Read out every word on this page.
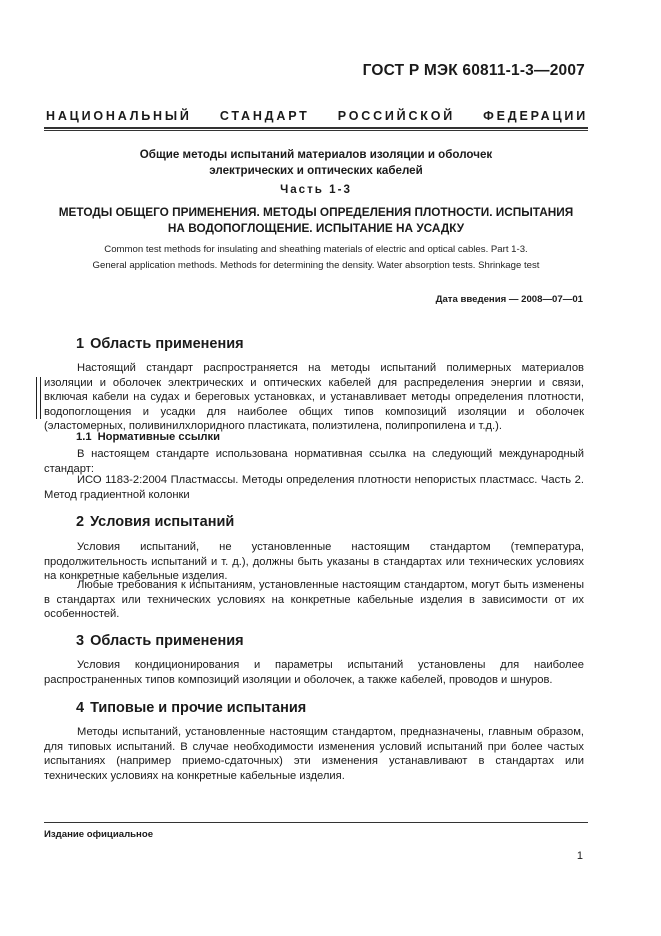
ГОСТ Р МЭК 60811-1-3—2007
НАЦИОНАЛЬНЫЙ СТАНДАРТ РОССИЙСКОЙ ФЕДЕРАЦИИ
Общие методы испытаний материалов изоляции и оболочек
электрических и оптических кабелей
Часть 1-3
МЕТОДЫ ОБЩЕГО ПРИМЕНЕНИЯ. МЕТОДЫ ОПРЕДЕЛЕНИЯ ПЛОТНОСТИ. ИСПЫТАНИЯ
НА ВОДОПОГЛОЩЕНИЕ. ИСПЫТАНИЕ НА УСАДКУ
Common test methods for insulating and sheathing materials of electric and optical cables. Part 1-3.
General application methods. Methods for determining the density. Water absorption tests. Shrinkage test
Дата введения — 2008—07—01
1 Область применения
Настоящий стандарт распространяется на методы испытаний полимерных материалов изоляции и оболочек электрических и оптических кабелей для распределения энергии и связи, включая кабели на судах и береговых установках, и устанавливает методы определения плотности, водопоглощения и усадки для наиболее общих типов композиций изоляции и оболочек (эластомерных, поливинилхлоридного пластиката, полиэтилена, полипропилена и т.д.).
1.1 Нормативные ссылки
В настоящем стандарте использована нормативная ссылка на следующий международный стандарт:
ИСО 1183-2:2004 Пластмассы. Методы определения плотности непористых пластмасс. Часть 2. Метод градиентной колонки
2 Условия испытаний
Условия испытаний, не установленные настоящим стандартом (температура, продолжительность испытаний и т. д.), должны быть указаны в стандартах или технических условиях на конкретные кабельные изделия.
Любые требования к испытаниям, установленные настоящим стандартом, могут быть изменены в стандартах или технических условиях на конкретные кабельные изделия в зависимости от их особенностей.
3 Область применения
Условия кондиционирования и параметры испытаний установлены для наиболее распространенных типов композиций изоляции и оболочек, а также кабелей, проводов и шнуров.
4 Типовые и прочие испытания
Методы испытаний, установленные настоящим стандартом, предназначены, главным образом, для типовых испытаний. В случае необходимости изменения условий испытаний при более частых испытаниях (например приемо-сдаточных) эти изменения устанавливают в стандартах или технических условиях на конкретные кабельные изделия.
Издание официальное
1
